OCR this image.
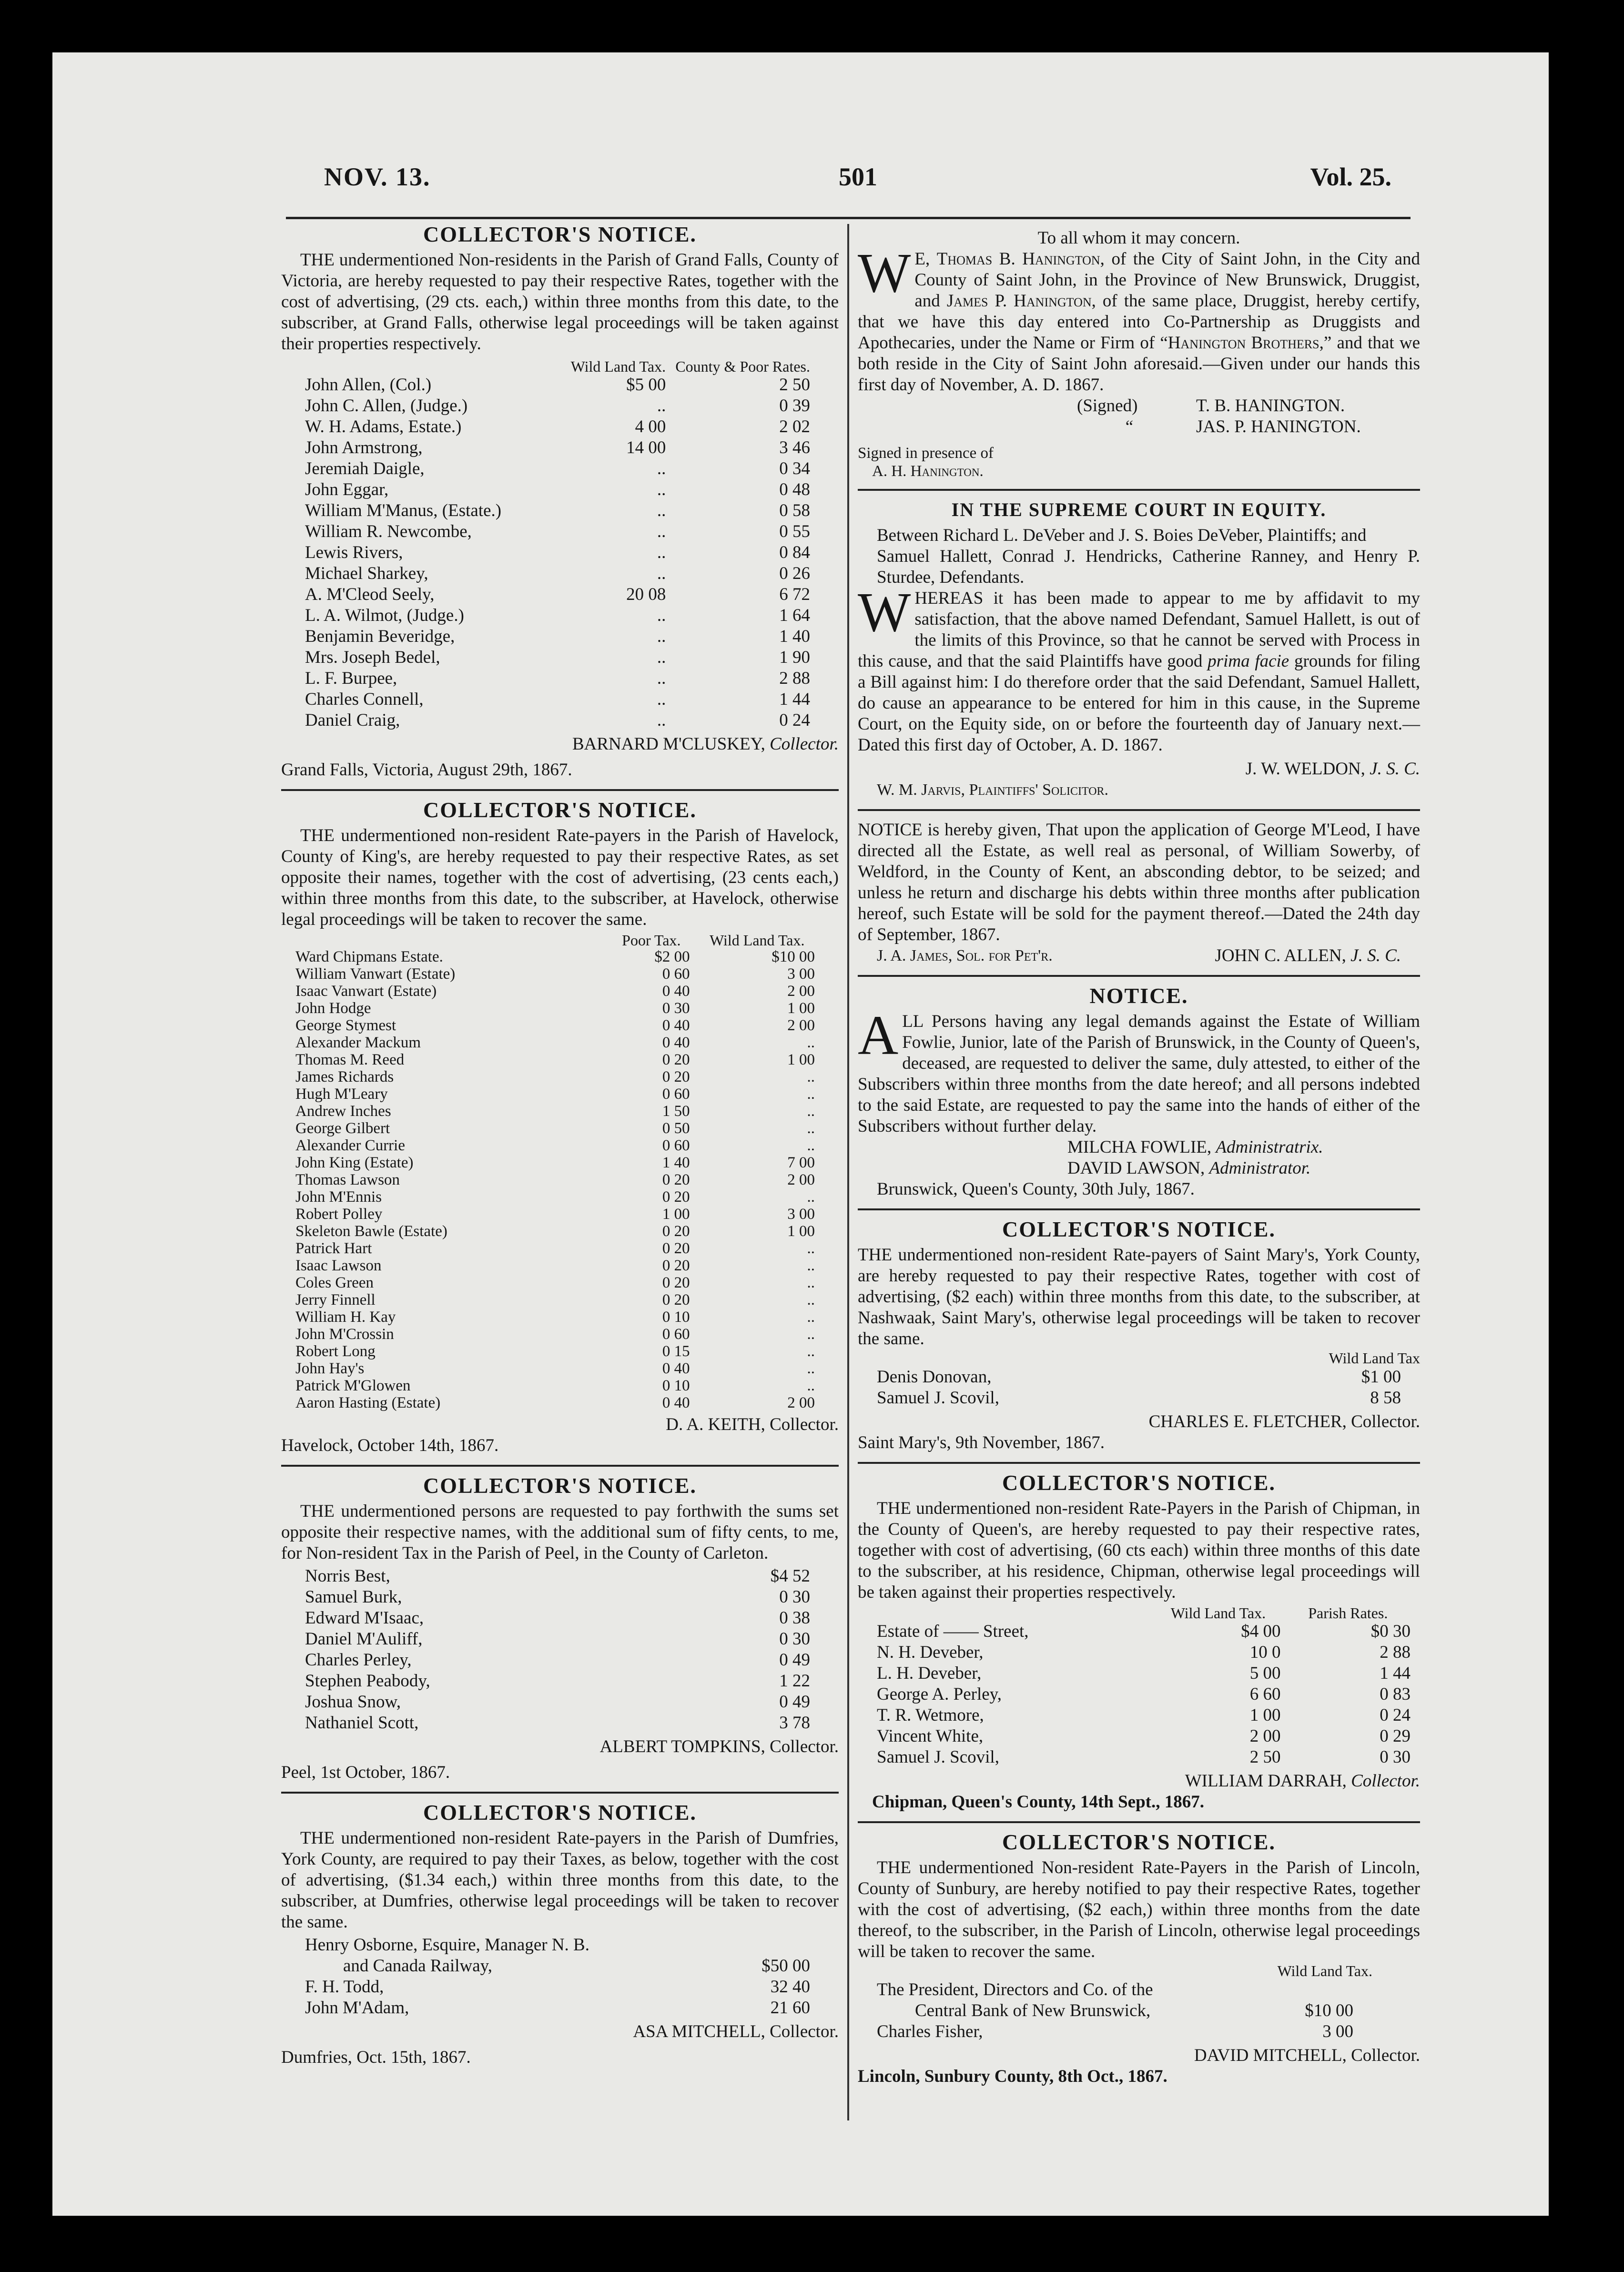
NOV. 13.	501	Vol. 25.
COLLECTOR'S NOTICE.

THE undermentioned Non-residents in the Parish of Grand Falls, County of Victoria, are hereby requested to pay their respective Rates, together with the cost of advertising, (29 cts. each,) within three months from this date, to the subscriber, at Grand Falls, otherwise legal proceedings will be taken against their properties respectively.

	Wild Land Tax.	County & Poor Rates.
John Allen, (Col.)	$5 00	2 50
John C. Allen, (Judge.)	..	0 39
W. H. Adams, Estate.)	4 00	2 02
John Armstrong,	14 00	3 46
Jeremiah Daigle,	..	0 34
John Eggar,	..	0 48
William M'Manus, (Estate.)	..	0 58
William R. Newcombe,	..	0 55
Lewis Rivers,	..	0 84
Michael Sharkey,	..	0 26
A. M'Cleod Seely,	20 08	6 72
L. A. Wilmot, (Judge.)	..	1 64
Benjamin Beveridge,	..	1 40
Mrs. Joseph Bedel,	..	1 90
L. F. Burpee,	..	2 88
Charles Connell,	..	1 44
Daniel Craig,	..	0 24
BARNARD M'CLUSKEY, Collector.
Grand Falls, Victoria, August 29th, 1867.
COLLECTOR'S NOTICE.

THE undermentioned non-resident Rate-payers in the Parish of Havelock, County of King's, are hereby requested to pay their respective Rates, as set opposite their names, together with the cost of advertising, (23 cents each,) within three months from this date, to the subscriber, at Havelock, otherwise legal proceedings will be taken to recover the same.

	Poor Tax.	Wild Land Tax.
Ward Chipmans Estate.	$2 00	$10 00
William Vanwart (Estate)	0 60	3 00
Isaac Vanwart (Estate)	0 40	2 00
John Hodge	0 30	1 00
George Stymest	0 40	2 00
Alexander Mackum	0 40	..
Thomas M. Reed	0 20	1 00
James Richards	0 20	..
Hugh M'Leary	0 60	..
Andrew Inches	1 50	..
George Gilbert	0 50	..
Alexander Currie	0 60	..
John King (Estate)	1 40	7 00
Thomas Lawson	0 20	2 00
John M'Ennis	0 20	..
Robert Polley	1 00	3 00
Skeleton Bawle (Estate)	0 20	1 00
Patrick Hart	0 20	..
Isaac Lawson	0 20	..
Coles Green	0 20	..
Jerry Finnell	0 20	..
William H. Kay	0 10	..
John M'Crossin	0 60	..
Robert Long	0 15	..
John Hay's	0 40	..
Patrick M'Glowen	0 10	..
Aaron Hasting (Estate)	0 40	2 00
D. A. KEITH, Collector.
Havelock, October 14th, 1867.
COLLECTOR'S NOTICE.

THE undermentioned persons are requested to pay forthwith the sums set opposite their respective names, with the additional sum of fifty cents, to me, for Non-resident Tax in the Parish of Peel, in the County of Carleton.

Norris Best,	$4 52
Samuel Burk,	0 30
Edward M'Isaac,	0 38
Daniel M'Auliff,	0 30
Charles Perley,	0 49
Stephen Peabody,	1 22
Joshua Snow,	0 49
Nathaniel Scott,	3 78
ALBERT TOMPKINS, Collector.
Peel, 1st October, 1867.
COLLECTOR'S NOTICE.

THE undermentioned non-resident Rate-payers in the Parish of Dumfries, York County, are required to pay their Taxes, as below, together with the cost of advertising, ($1.34 each,) within three months from this date, to the subscriber, at Dumfries, otherwise legal proceedings will be taken to recover the same.

Henry Osborne, Esquire, Manager N. B.	
and Canada Railway,	$50 00
F. H. Todd,	32 40
John M'Adam,	21 60
ASA MITCHELL, Collector.
Dumfries, Oct. 15th, 1867.
To all whom it may concern.

W E, Thomas B. Hanington, of the City of Saint John, in the City and County of Saint John, in the Province of New Brunswick, Druggist, and James P. Hanington, of the same place, Druggist, hereby certify, that we have this day entered into Co-Partnership as Druggists and Apothecaries, under the Name or Firm of “Hanington Brothers,” and that we both reside in the City of Saint John aforesaid.—Given under our hands this first day of November, A. D. 1867.

(Signed)	T. B. HANINGTON.
“	JAS. P. HANINGTON.
Signed in presence of
A. H. Hanington.
IN THE SUPREME COURT IN EQUITY.

Between Richard L. DeVeber and J. S. Boies DeVeber, Plaintiffs; and

Samuel Hallett, Conrad J. Hendricks, Catherine Ranney, and Henry P. Sturdee, Defendants.

WHEREAS it has been made to appear to me by affidavit to my satisfaction, that the above named Defendant, Samuel Hallett, is out of the limits of this Province, so that he cannot be served with Process in this cause, and that the said Plaintiffs have good prima facie grounds for filing a Bill against him: I do therefore order that the said Defendant, Samuel Hallett, do cause an appearance to be entered for him in this cause, in the Supreme Court, on the Equity side, on or before the fourteenth day of January next.—Dated this first day of October, A. D. 1867.

J. W. WELDON, J. S. C.
W. M. Jarvis, Plaintiffs' Solicitor.

NOTICE is hereby given, That upon the application of George M'Leod, I have directed all the Estate, as well real as personal, of William Sowerby, of Weldford, in the County of Kent, an absconding debtor, to be seized; and unless he return and discharge his debts within three months after publication hereof, such Estate will be sold for the payment thereof.—Dated the 24th day of September, 1867.

J. A. James, Sol. for Pet'r.	JOHN C. ALLEN, J. S. C.
NOTICE.

ALL Persons having any legal demands against the Estate of William Fowlie, Junior, late of the Parish of Brunswick, in the County of Queen's, deceased, are requested to deliver the same, duly attested, to either of the Subscribers within three months from the date hereof; and all persons indebted to the said Estate, are requested to pay the same into the hands of either of the Subscribers without further delay.

MILCHA FOWLIE, Administratrix.
DAVID LAWSON, Administrator.
Brunswick, Queen's County, 30th July, 1867.
COLLECTOR'S NOTICE.

THE undermentioned non-resident Rate-payers of Saint Mary's, York County, are hereby requested to pay their respective Rates, together with cost of advertising, ($2 each) within three months from this date, to the subscriber, at Nashwaak, Saint Mary's, otherwise legal proceedings will be taken to recover the same.

Wild Land Tax
Denis Donovan,	$1 00
Samuel J. Scovil,	8 58
CHARLES E. FLETCHER, Collector.
Saint Mary's, 9th November, 1867.
COLLECTOR'S NOTICE.

THE undermentioned non-resident Rate-Payers in the Parish of Chipman, in the County of Queen's, are hereby requested to pay their respective rates, together with cost of advertising, (60 cts each) within three months of this date to the subscriber, at his residence, Chipman, otherwise legal proceedings will be taken against their properties respectively.

	Wild Land Tax.	Parish Rates.
Estate of —— Street,	$4 00	$0 30
N. H. Deveber,	10 0	2 88
L. H. Deveber,	5 00	1 44
George A. Perley,	6 60	0 83
T. R. Wetmore,	1 00	0 24
Vincent White,	2 00	0 29
Samuel J. Scovil,	2 50	0 30
WILLIAM DARRAH, Collector.
Chipman, Queen's County, 14th Sept., 1867.
COLLECTOR'S NOTICE.

THE undermentioned Non-resident Rate-Payers in the Parish of Lincoln, County of Sunbury, are hereby notified to pay their respective Rates, together with the cost of advertising, ($2 each,) within three months from the date thereof, to the subscriber, in the Parish of Lincoln, otherwise legal proceedings will be taken to recover the same.

Wild Land Tax.
The President, Directors and Co. of the	
Central Bank of New Brunswick,	$10 00
Charles Fisher,	3 00
DAVID MITCHELL, Collector.
Lincoln, Sunbury County, 8th Oct., 1867.
